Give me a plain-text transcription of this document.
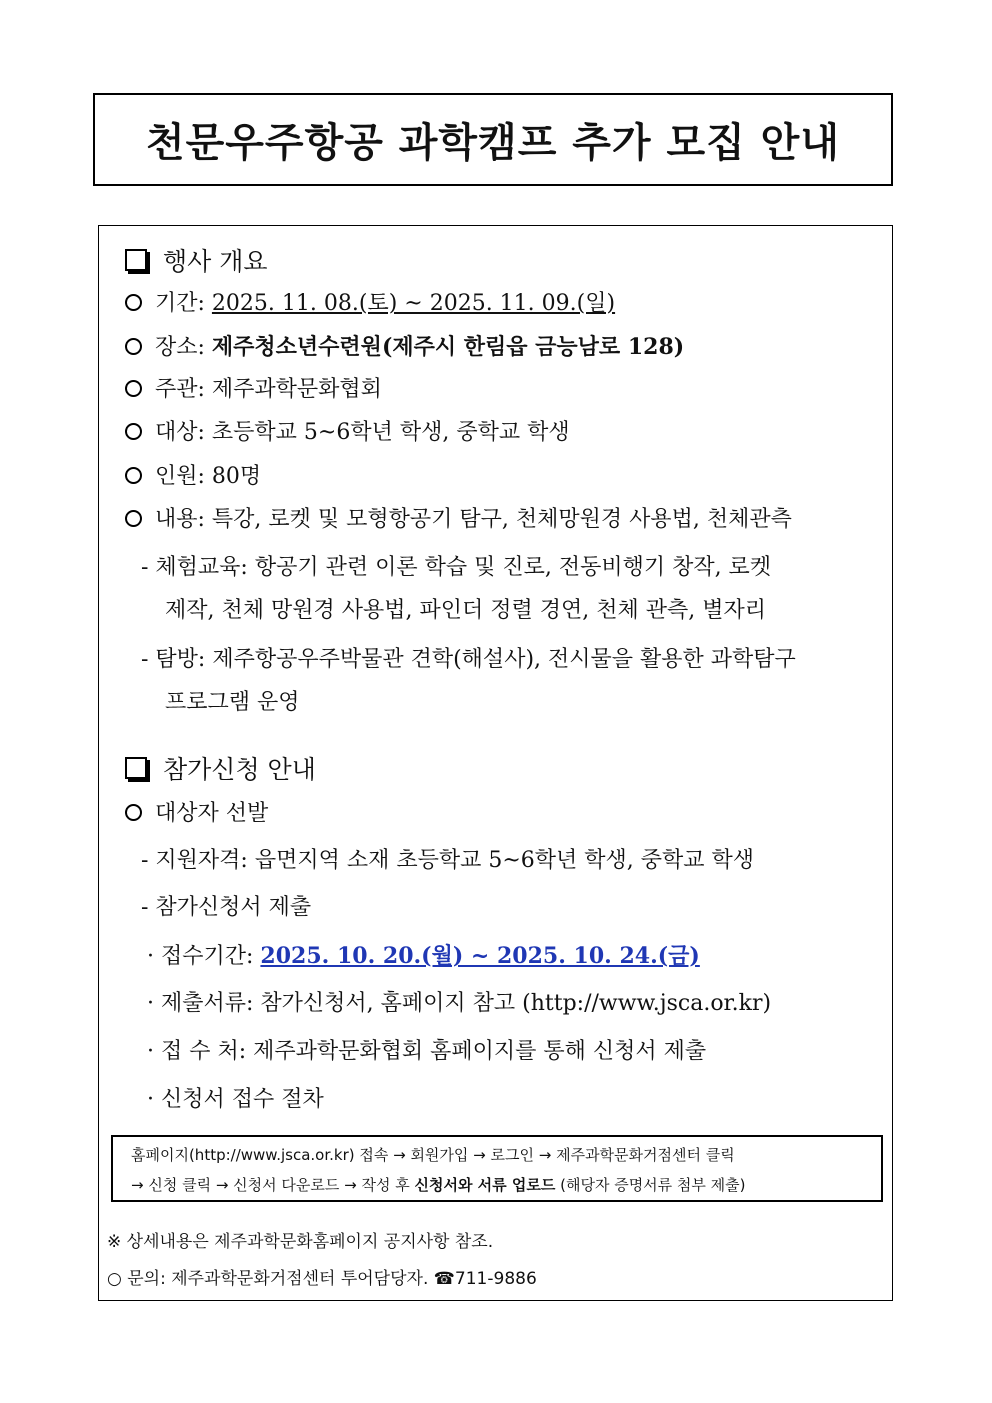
천문우주항공 과학캠프 추가 모집 안내
행사 개요
기간: 2025. 11. 08.(토) ~ 2025. 11. 09.(일)
장소: 제주청소년수련원(제주시 한림읍 금능남로 128)
주관: 제주과학문화협회
대상: 초등학교 5~6학년 학생, 중학교 학생
인원: 80명
내용: 특강, 로켓 및 모형항공기 탐구, 천체망원경 사용법, 천체관측
- 체험교육: 항공기 관련 이론 학습 및 진로, 전동비행기 창작, 로켓
제작, 천체 망원경 사용법, 파인더 정렬 경연, 천체 관측, 별자리
- 탐방: 제주항공우주박물관 견학(해설사), 전시물을 활용한 과학탐구
프로그램 운영
참가신청 안내
대상자 선발
- 지원자격: 읍면지역 소재 초등학교 5~6학년 학생, 중학교 학생
- 참가신청서 제출
· 접수기간: 2025. 10. 20.(월) ~ 2025. 10. 24.(금)
· 제출서류: 참가신청서, 홈페이지 참고 (http://www.jsca.or.kr)
· 접 수 처: 제주과학문화협회 홈페이지를 통해 신청서 제출
· 신청서 접수 절차
홈페이지(http://www.jsca.or.kr) 접속 → 회원가입 → 로그인 → 제주과학문화거점센터 클릭
→ 신청 클릭 → 신청서 다운로드 → 작성 후 신청서와 서류 업로드 (해당자 증명서류 첨부 제출)
※ 상세내용은 제주과학문화홈페이지 공지사항 참조.
○ 문의: 제주과학문화거점센터 투어담당자. ☎711-9886
